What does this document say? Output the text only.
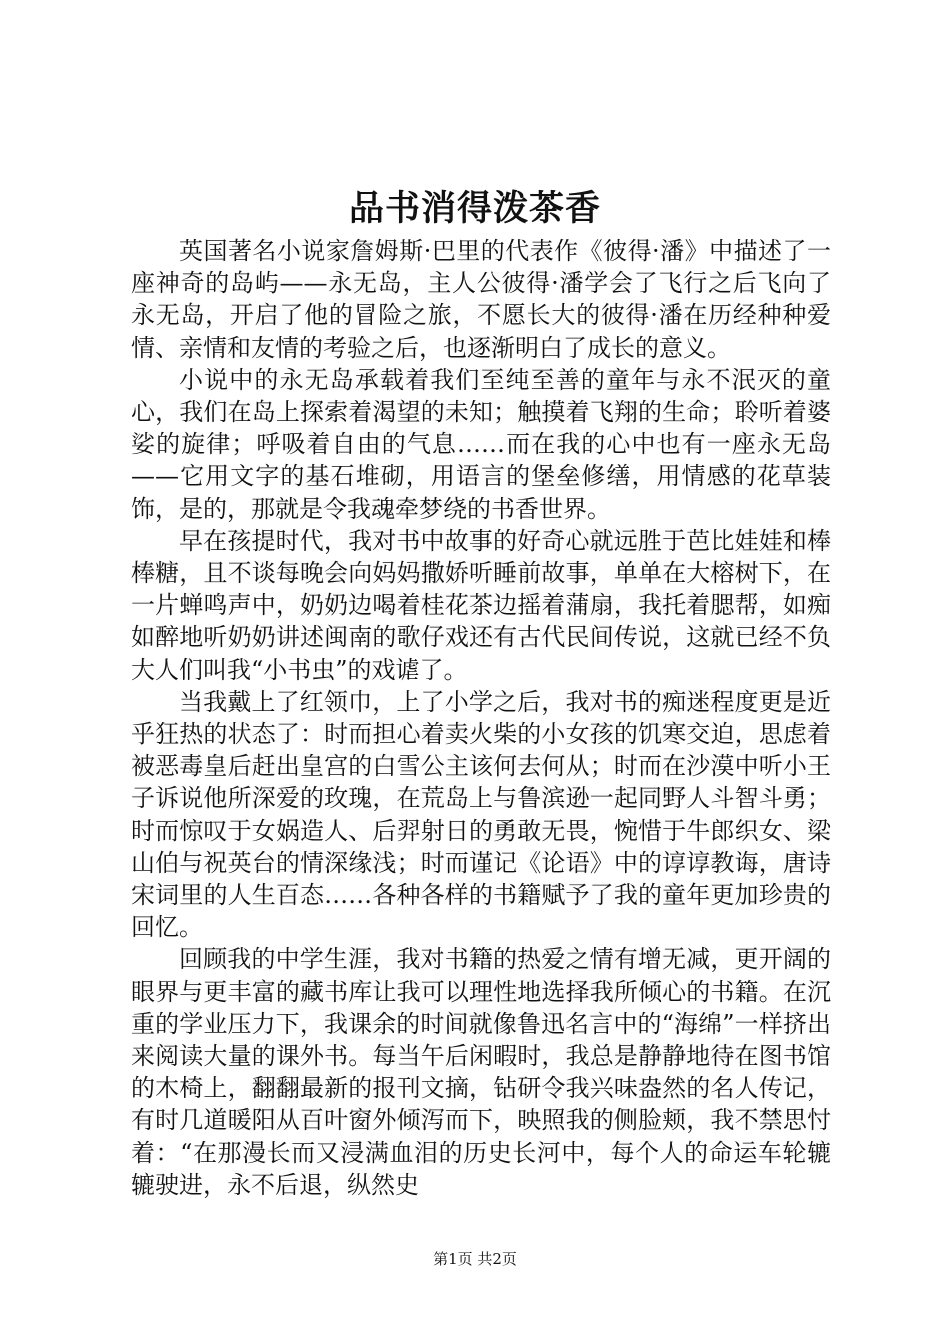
品书消得泼茶香

英国著名小说家詹姆斯·巴里的代表作《彼得·潘》中描述了一座神奇的岛屿——永无岛，主人公彼得·潘学会了飞行之后飞向了永无岛，开启了他的冒险之旅，不愿长大的彼得·潘在历经种种爱情、亲情和友情的考验之后，也逐渐明白了成长的意义。

小说中的永无岛承载着我们至纯至善的童年与永不泯灭的童心，我们在岛上探索着渴望的未知；触摸着飞翔的生命；聆听着婆娑的旋律；呼吸着自由的气息……而在我的心中也有一座永无岛——它用文字的基石堆砌，用语言的堡垒修缮，用情感的花草装饰，是的，那就是令我魂牵梦绕的书香世界。

早在孩提时代，我对书中故事的好奇心就远胜于芭比娃娃和棒棒糖，且不谈每晚会向妈妈撒娇听睡前故事，单单在大榕树下，在一片蝉鸣声中，奶奶边喝着桂花茶边摇着蒲扇，我托着腮帮，如痴如醉地听奶奶讲述闽南的歌仔戏还有古代民间传说，这就已经不负大人们叫我“小书虫”的戏谑了。

当我戴上了红领巾，上了小学之后，我对书的痴迷程度更是近乎狂热的状态了：时而担心着卖火柴的小女孩的饥寒交迫，思虑着被恶毒皇后赶出皇宫的白雪公主该何去何从；时而在沙漠中听小王子诉说他所深爱的玫瑰，在荒岛上与鲁滨逊一起同野人斗智斗勇；时而惊叹于女娲造人、后羿射日的勇敢无畏，惋惜于牛郎织女、梁山伯与祝英台的情深缘浅；时而谨记《论语》中的谆谆教诲，唐诗宋词里的人生百态……各种各样的书籍赋予了我的童年更加珍贵的回忆。

回顾我的中学生涯，我对书籍的热爱之情有增无减，更开阔的眼界与更丰富的藏书库让我可以理性地选择我所倾心的书籍。在沉重的学业压力下，我课余的时间就像鲁迅名言中的“海绵”一样挤出来阅读大量的课外书。每当午后闲暇时，我总是静静地待在图书馆的木椅上，翻翻最新的报刊文摘，钻研令我兴味盎然的名人传记，有时几道暖阳从百叶窗外倾泻而下，映照我的侧脸颊，我不禁思忖着：“在那漫长而又浸满血泪的历史长河中，每个人的命运车轮辘辘驶进，永不后退，纵然史

第1页 共2页
